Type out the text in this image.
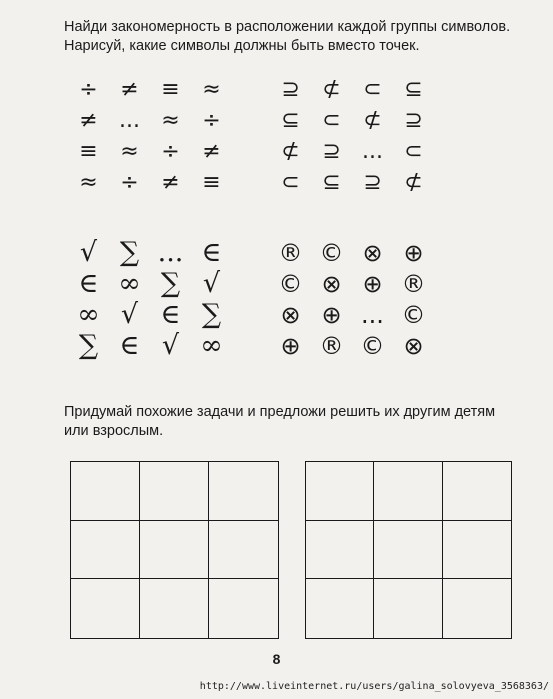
Найди закономерность в расположении каждой группы символов. Нарисуй, какие символы должны быть вместо точек.

÷	≠	≡	≈
≠ ... ≈	÷
≡	≈	÷	≠
≈	÷	≠	≡
⊇	⊄	⊂	⊆
⊆	⊂	⊄	⊇
⊄	⊇ ... ⊂
⊂	⊆	⊇	⊄
√ ∑ ... ∈
∈ ∞ ∑ √
∞ √ ∈ ∑
∑ ∈ √ ∞
® © ⊗ ⊕
© ⊗ ⊕ ®
⊗ ⊕ ... ©
⊕ ® © ⊗

Придумай похожие задачи и предложи решить их другим детям или взрослым.

8
http://www.liveinternet.ru/users/galina_solovyeva_3568363/
